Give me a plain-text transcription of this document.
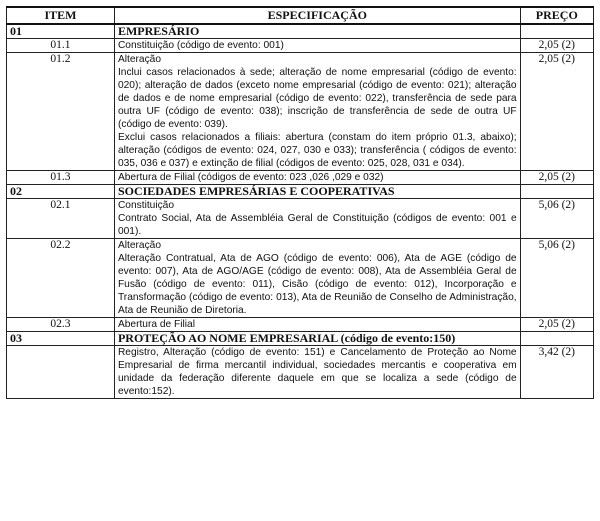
ITEM	ESPECIFICAÇÃO	PREÇO
01	EMPRESÁRIO	
01.1	Constituição (código de evento: 001)	2,05 (2)
01.2	Alteração

Inclui casos relacionados à sede; alteração de nome empresarial (código de evento: 020); alteração de dados (exceto nome empresarial (código de evento: 021); alteração de dados e de nome empresarial (código de evento: 022), transferência de sede para outra UF (código de evento: 038); inscrição de transferência de sede de outra UF (código de evento: 039).

Exclui casos relacionados a filiais: abertura (constam do item próprio 01.3, abaixo); alteração (códigos de evento: 024, 027, 030 e 033); transferência ( códigos de evento: 035, 036 e 037) e extinção de filial (códigos de evento: 025, 028, 031 e 034).	2,05 (2)
01.3	Abertura de Filial (códigos de evento: 023 ,026 ,029 e 032)	2,05 (2)
02	SOCIEDADES EMPRESÁRIAS E COOPERATIVAS	
02.1	Constituição

Contrato Social, Ata de Assembléia Geral de Constituição (códigos de evento: 001 e 001).	5,06 (2)
02.2	Alteração

Alteração Contratual, Ata de AGO (código de evento: 006), Ata de AGE (código de evento: 007), Ata de AGO/AGE (código de evento: 008), Ata de Assembléia Geral de Fusão (código de evento: 011), Cisão (código de evento: 012), Incorporação e Transformação (código de evento: 013), Ata de Reunião de Conselho de Administração, Ata de Reunião de Diretoria.	5,06 (2)
02.3	Abertura de Filial	2,05 (2)
03	PROTEÇÃO AO NOME EMPRESARIAL (código de evento:150)	

	Registro, Alteração (código de evento: 151) e Cancelamento de Proteção ao Nome Empresarial de firma mercantil individual, sociedades mercantis e cooperativa em unidade da federação diferente daquele em que se localiza a sede (código de evento:152).	3,42 (2)
